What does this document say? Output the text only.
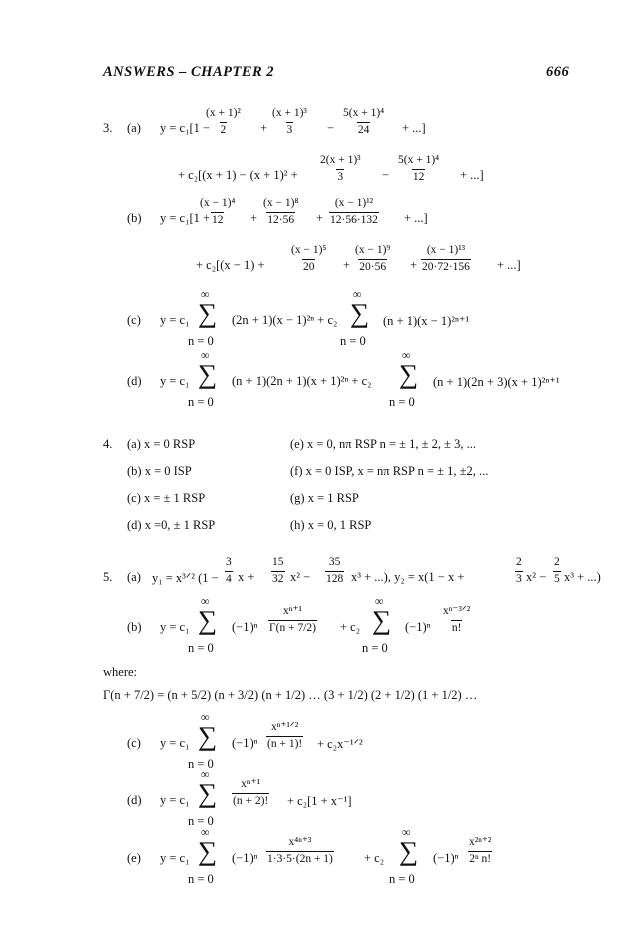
ANSWERS – CHAPTER 2	666
3. (a) y = c₁[1 −
(x + 1)²
2	+
(x + 1)³
3	−
5(x + 1)⁴
24	+ ...]
+ c₂[(x + 1) − (x + 1)² +
2(x + 1)³
3	−
5(x + 1)⁴
12	+ ...]
(b) y = c₁[1 +
(x − 1)⁴
12 +
(x − 1)⁸
12·56 +
(x − 1)¹²
12·56·132 + ...]
+ c₂[(x − 1) +
(x − 1)⁵
20 +
(x − 1)⁹
20·56 +
(x − 1)¹³
20·72·156 + ...]
(c) y = c₁
∞
∑
n = 0
(2n + 1)(x − 1)²ⁿ + c₂
∞
∑
n = 0
(n + 1)(x − 1)²ⁿ⁺¹
(d) y = c₁
∞
∑
n = 0
(n + 1)(2n + 1)(x + 1)²ⁿ + c₂
∞
∑
n = 0
(n + 1)(2n + 3)(x + 1)²ⁿ⁺¹
4. (a) x = 0 RSP
(b) x = 0 ISP
(c) x = ± 1 RSP
(d) x =0, ± 1 RSP
(e) x = 0, nπ RSP n = ± 1, ± 2, ± 3, ...
(f) x = 0 ISP, x = nπ RSP n = ± 1, ±2, ...
(g) x = 1 RSP
(h) x = 0, 1 RSP
5. (a) y₁ = x³ᐟ² (1 −
3
4 x +
15
32 x² −
35
128 x³ + ...), y₂ = x(1 − x +
2
3 x² −
2
5 x³ + ...)
(b) y = c₁
∞
∑
n = 0
(−1)ⁿ
xⁿ⁺¹
Γ(n + 7/2) + c₂
∞
∑
n = 0
(−1)ⁿ
xⁿ⁻³ᐟ²
n!
where:
Γ(n + 7/2) = (n + 5/2) (n + 3/2) (n + 1/2) … (3 + 1/2) (2 + 1/2) (1 + 1/2) …
(c) y = c₁
∞
∑
n = 0
(−1)ⁿ
xⁿ⁺¹ᐟ²
(n + 1)! + c₂x⁻¹ᐟ²
(d) y = c₁
∞
∑
n = 0
xⁿ⁺¹
(n + 2)! + c₂[1 + x⁻¹]
(e) y = c₁
∞
∑
n = 0
(−1)ⁿ
x⁴ⁿ⁺³
1·3·5·(2n + 1) + c₂
∞
∑
n = 0
(−1)ⁿ
x²ⁿ⁺²
2ⁿ n!
